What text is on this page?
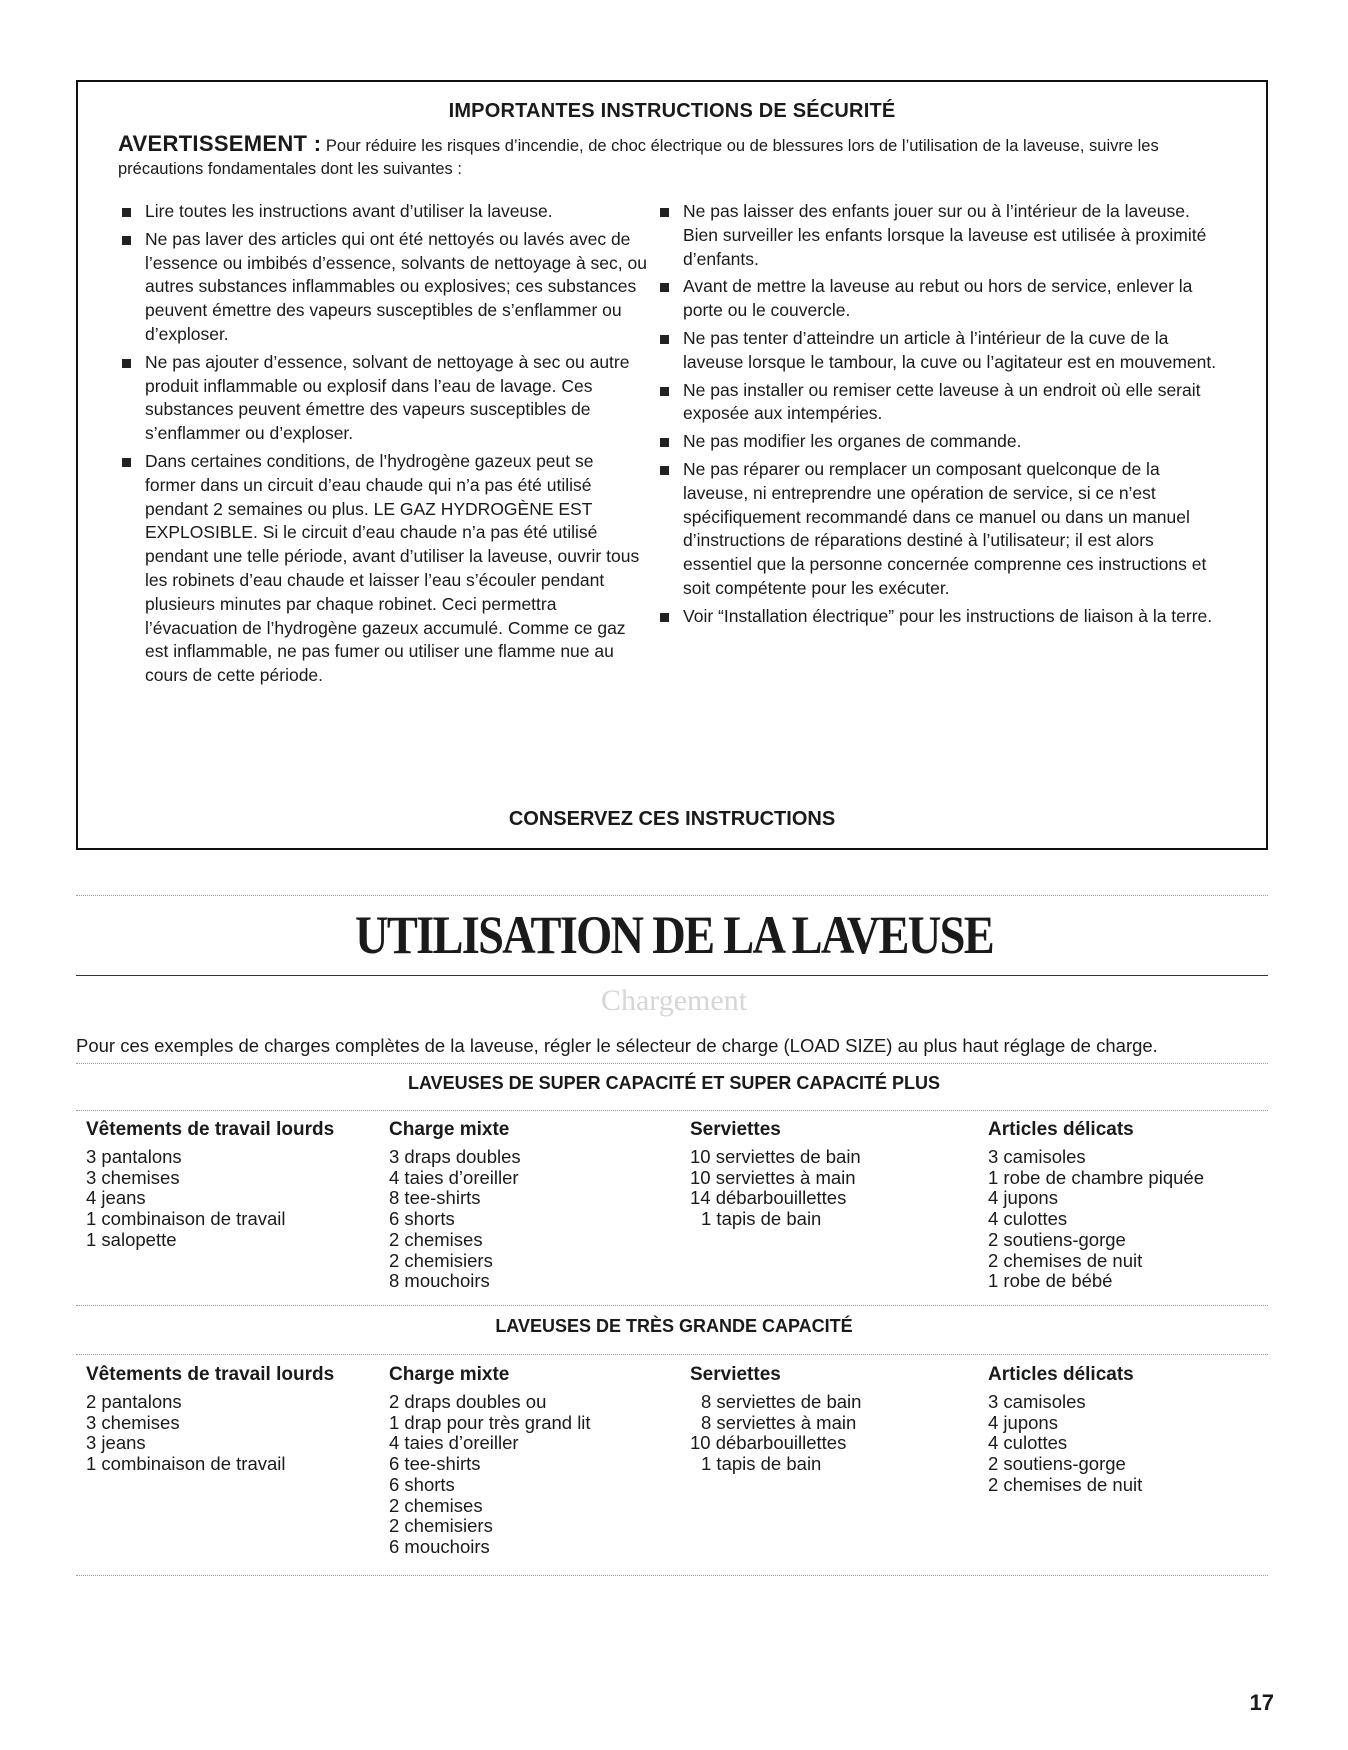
IMPORTANTES INSTRUCTIONS DE SÉCURITÉ
AVERTISSEMENT : Pour réduire les risques d’incendie, de choc électrique ou de blessures lors de l’utilisation de la laveuse, suivre les précautions fondamentales dont les suivantes :
Lire toutes les instructions avant d’utiliser la laveuse.
Ne pas laver des articles qui ont été nettoyés ou lavés avec de l’essence ou imbibés d’essence, solvants de nettoyage à sec, ou autres substances inflammables ou explosives; ces substances peuvent émettre des vapeurs susceptibles de s’enflammer ou d’exploser.
Ne pas ajouter d’essence, solvant de nettoyage à sec ou autre produit inflammable ou explosif dans l’eau de lavage. Ces substances peuvent émettre des vapeurs susceptibles de s’enflammer ou d’exploser.
Dans certaines conditions, de l’hydrogène gazeux peut se former dans un circuit d’eau chaude qui n’a pas été utilisé pendant 2 semaines ou plus. LE GAZ HYDROGÈNE EST EXPLOSIBLE. Si le circuit d’eau chaude n’a pas été utilisé pendant une telle période, avant d’utiliser la laveuse, ouvrir tous les robinets d’eau chaude et laisser l’eau s’écouler pendant plusieurs minutes par chaque robinet. Ceci permettra l’évacuation de l’hydrogène gazeux accumulé. Comme ce gaz est inflammable, ne pas fumer ou utiliser une flamme nue au cours de cette période.
Ne pas laisser des enfants jouer sur ou à l’intérieur de la laveuse. Bien surveiller les enfants lorsque la laveuse est utilisée à proximité d’enfants.
Avant de mettre la laveuse au rebut ou hors de service, enlever la porte ou le couvercle.
Ne pas tenter d’atteindre un article à l’intérieur de la cuve de la laveuse lorsque le tambour, la cuve ou l’agitateur est en mouvement.
Ne pas installer ou remiser cette laveuse à un endroit où elle serait exposée aux intempéries.
Ne pas modifier les organes de commande.
Ne pas réparer ou remplacer un composant quelconque de la laveuse, ni entreprendre une opération de service, si ce n’est spécifiquement recommandé dans ce manuel ou dans un manuel d’instructions de réparations destiné à l’utilisateur; il est alors essentiel que la personne concernée comprenne ces instructions et soit compétente pour les exécuter.
Voir “Installation électrique” pour les instructions de liaison à la terre.
CONSERVEZ CES INSTRUCTIONS
UTILISATION DE LA LAVEUSE
Chargement
Pour ces exemples de charges complètes de la laveuse, régler le sélecteur de charge (LOAD SIZE) au plus haut réglage de charge.
LAVEUSES DE SUPER CAPACITÉ ET SUPER CAPACITÉ PLUS
Vêtements de travail lourds
3 pantalons
3 chemises
4 jeans
1 combinaison de travail
1 salopette
Charge mixte
3 draps doubles
4 taies d’oreiller
8 tee-shirts
6 shorts
2 chemises
2 chemisiers
8 mouchoirs
Serviettes
10 serviettes de bain
10 serviettes à main
14 débarbouillettes
1 tapis de bain
Articles délicats
3 camisoles
1 robe de chambre piquée
4 jupons
4 culottes
2 soutiens-gorge
2 chemises de nuit
1 robe de bébé
LAVEUSES DE TRÈS GRANDE CAPACITÉ
Vêtements de travail lourds
2 pantalons
3 chemises
3 jeans
1 combinaison de travail
Charge mixte
2 draps doubles ou
1 drap pour très grand lit
4 taies d’oreiller
6 tee-shirts
6 shorts
2 chemises
2 chemisiers
6 mouchoirs
Serviettes
8 serviettes de bain
8 serviettes à main
10 débarbouillettes
1 tapis de bain
Articles délicats
3 camisoles
4 jupons
4 culottes
2 soutiens-gorge
2 chemises de nuit
17
